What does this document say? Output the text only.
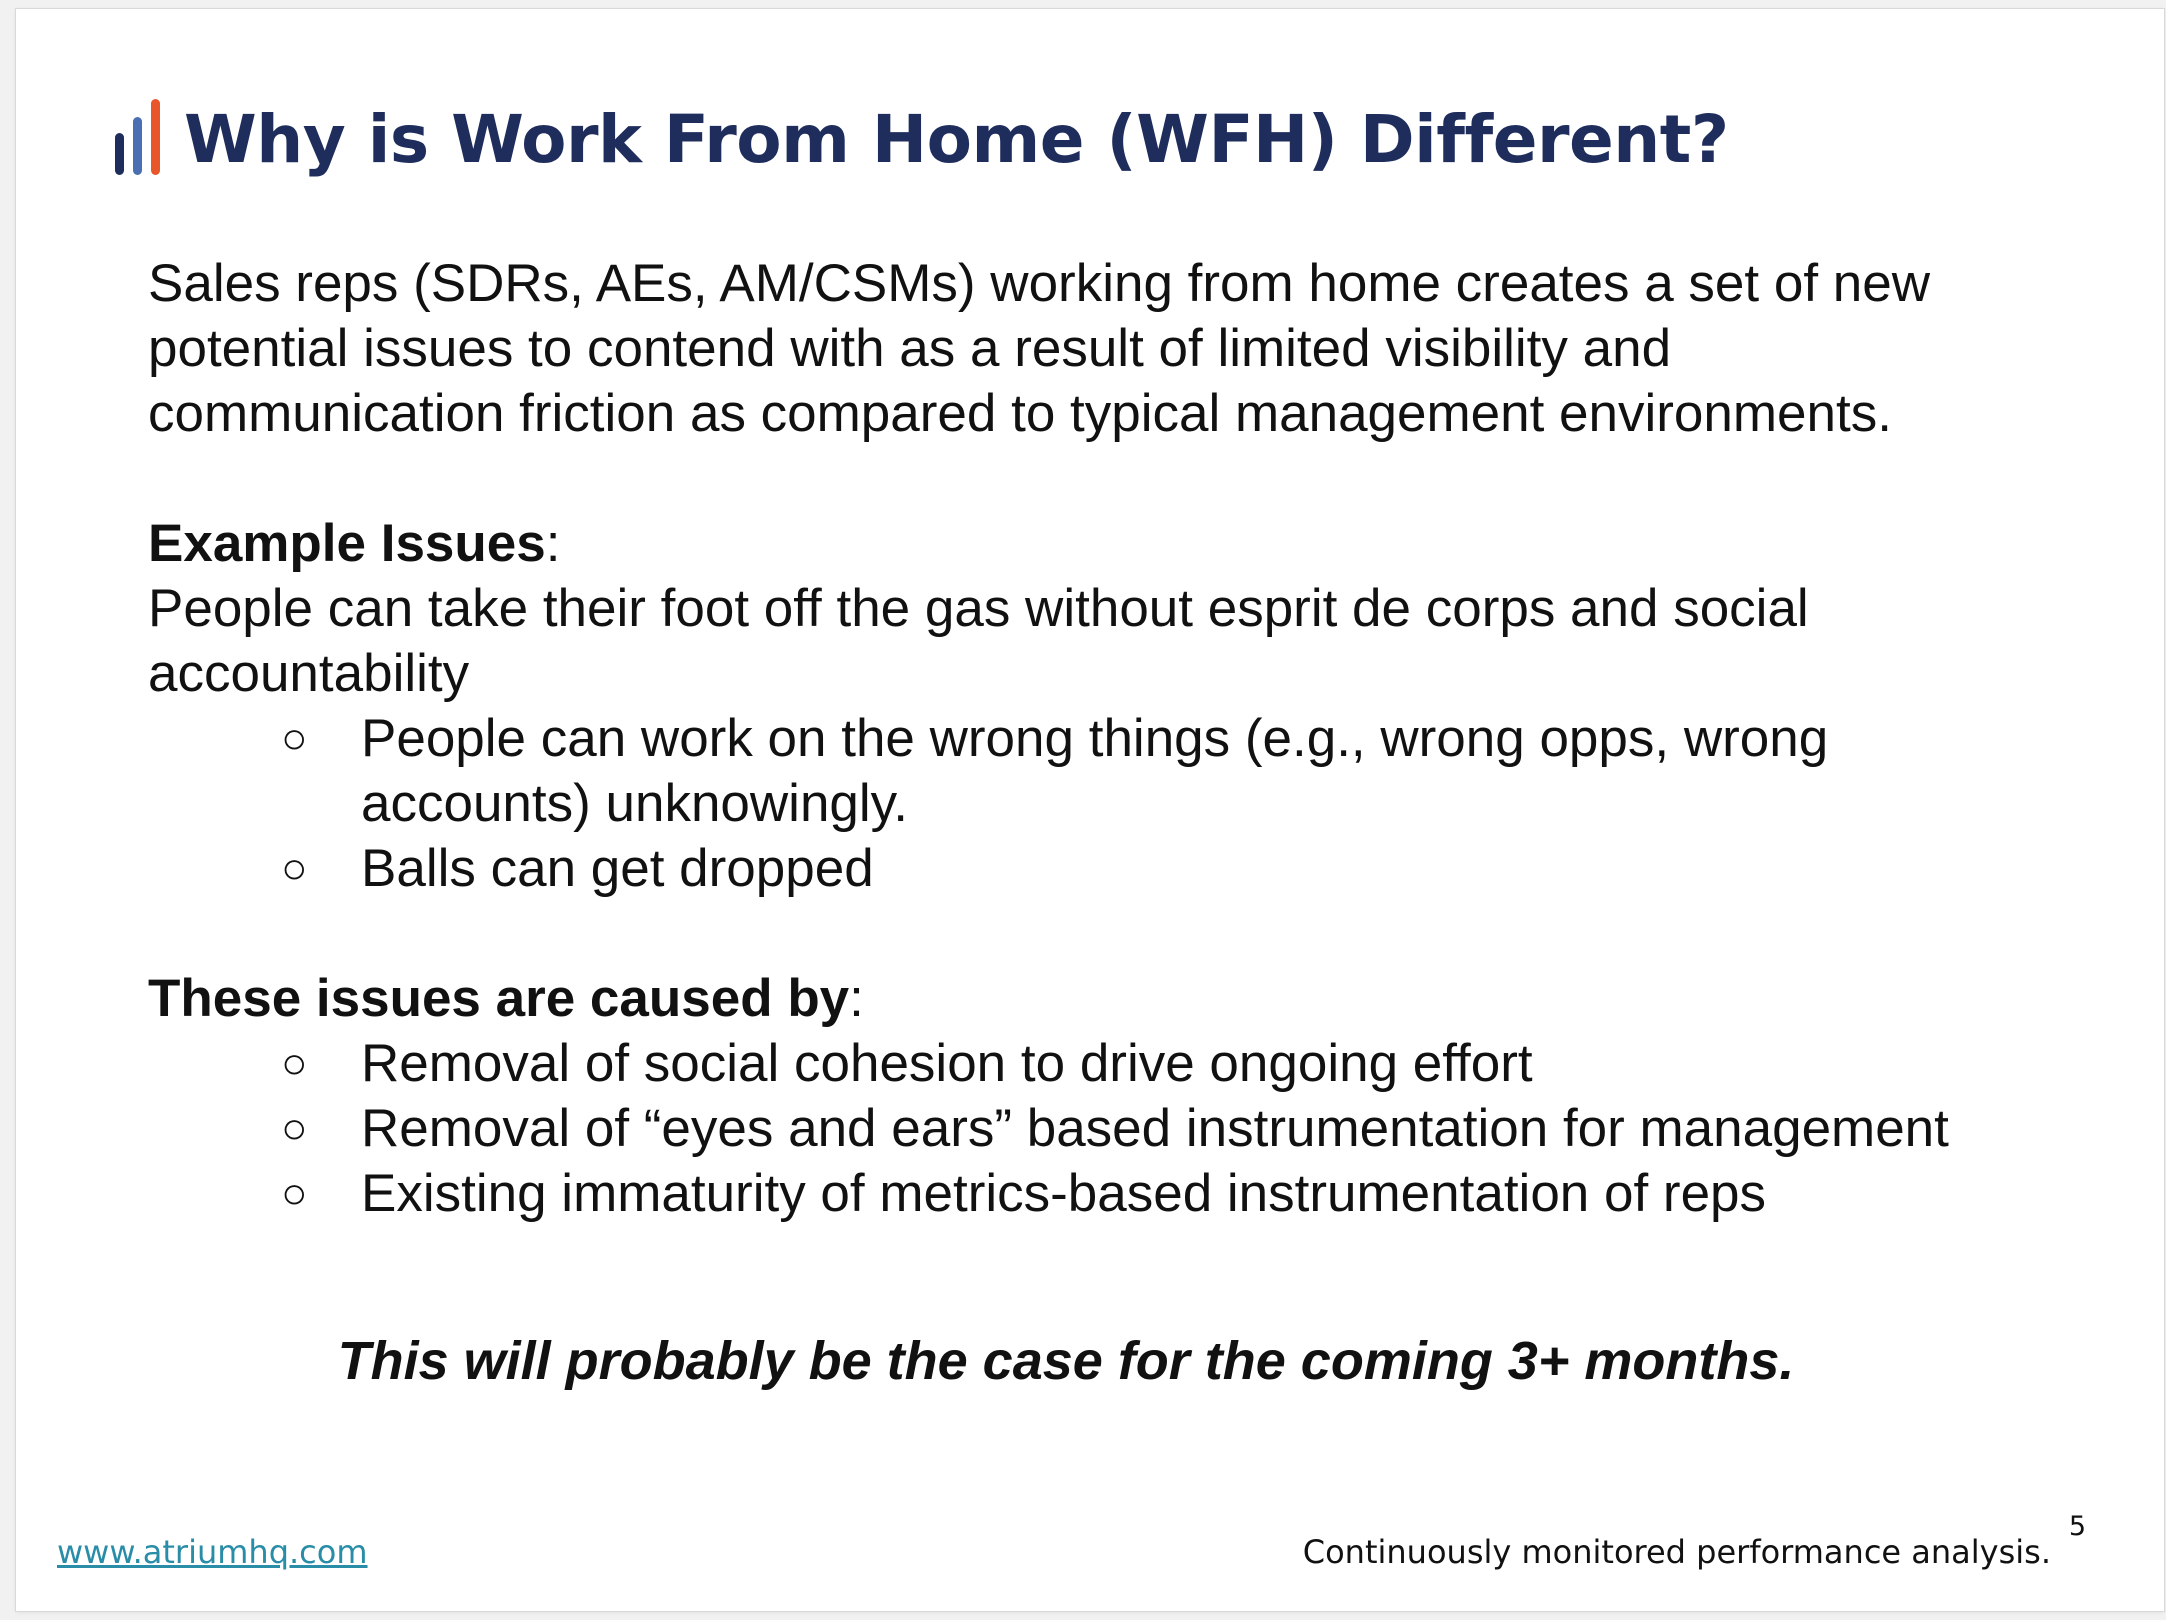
Why is Work From Home (WFH) Different?

Sales reps (SDRs, AEs, AM/CSMs) working from home creates a set of new potential issues to contend with as a result of limited visibility and communication friction as compared to typical management environments.

Example Issues:

People can take their foot off the gas without esprit de corps and social accountability

○ People can work on the wrong things (e.g., wrong opps, wrong accounts) unknowingly.
○ Balls can get dropped

These issues are caused by:

○ Removal of social cohesion to drive ongoing effort
○ Removal of “eyes and ears” based instrumentation for management
○ Existing immaturity of metrics-based instrumentation of reps

This will probably be the case for the coming 3+ months.

www.atriumhq.com	Continuously monitored performance analysis.
5
